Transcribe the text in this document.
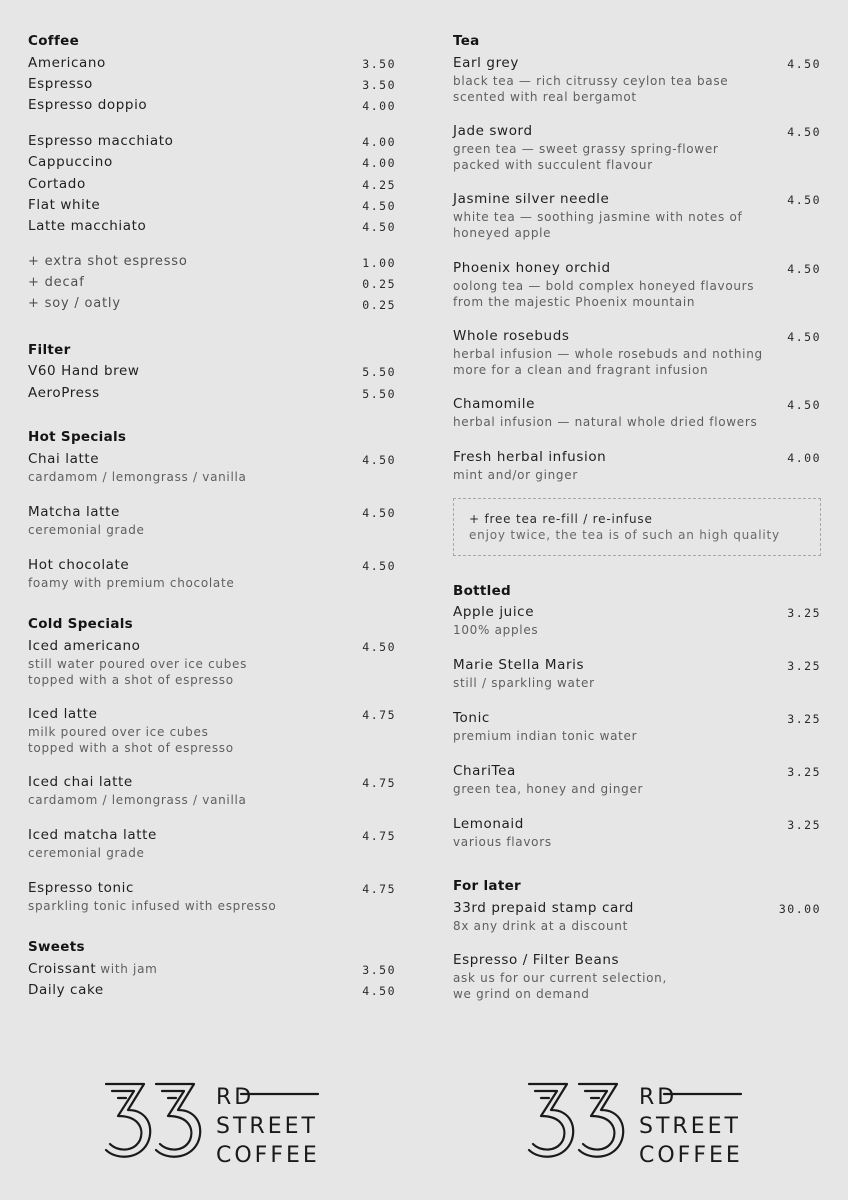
Coffee
Americano	3.50
Espresso	3.50
Espresso doppio	4.00
Espresso macchiato	4.00
Cappuccino	4.00
Cortado	4.25
Flat white	4.50
Latte macchiato	4.50
+ extra shot espresso	1.00
+ decaf	0.25
+ soy / oatly	0.25
Filter
V60 Hand brew	5.50
AeroPress	5.50
Hot Specials
Chai latte	4.50
cardamom / lemongrass / vanilla
Matcha latte	4.50
ceremonial grade
Hot chocolate	4.50
foamy with premium chocolate
Cold Specials
Iced americano	4.50
still water poured over ice cubes
topped with a shot of espresso
Iced latte	4.75
milk poured over ice cubes
topped with a shot of espresso
Iced chai latte	4.75
cardamom / lemongrass / vanilla
Iced matcha latte	4.75
ceremonial grade
Espresso tonic	4.75
sparkling tonic infused with espresso
Sweets
Croissant with jam	3.50
Daily cake	4.50
Tea
Earl grey	4.50
black tea — rich citrussy ceylon tea base
scented with real bergamot
Jade sword	4.50
green tea — sweet grassy spring-flower
packed with succulent flavour
Jasmine silver needle	4.50
white tea — soothing jasmine with notes of
honeyed apple
Phoenix honey orchid	4.50
oolong tea — bold complex honeyed flavours
from the majestic Phoenix mountain
Whole rosebuds	4.50
herbal infusion — whole rosebuds and nothing
more for a clean and fragrant infusion
Chamomile	4.50
herbal infusion — natural whole dried flowers
Fresh herbal infusion	4.00
mint and/or ginger
+ free tea re-fill / re-infuse
enjoy twice, the tea is of such an high quality
Bottled
Apple juice	3.25
100% apples
Marie Stella Maris	3.25
still / sparkling water
Tonic	3.25
premium indian tonic water
ChariTea	3.25
green tea, honey and ginger
Lemonaid	3.25
various flavors
For later
33rd prepaid stamp card	30.00
8x any drink at a discount
Espresso / Filter Beans
ask us for our current selection,
we grind on demand
RD
STREET
COFFEE
RD
STREET
COFFEE
